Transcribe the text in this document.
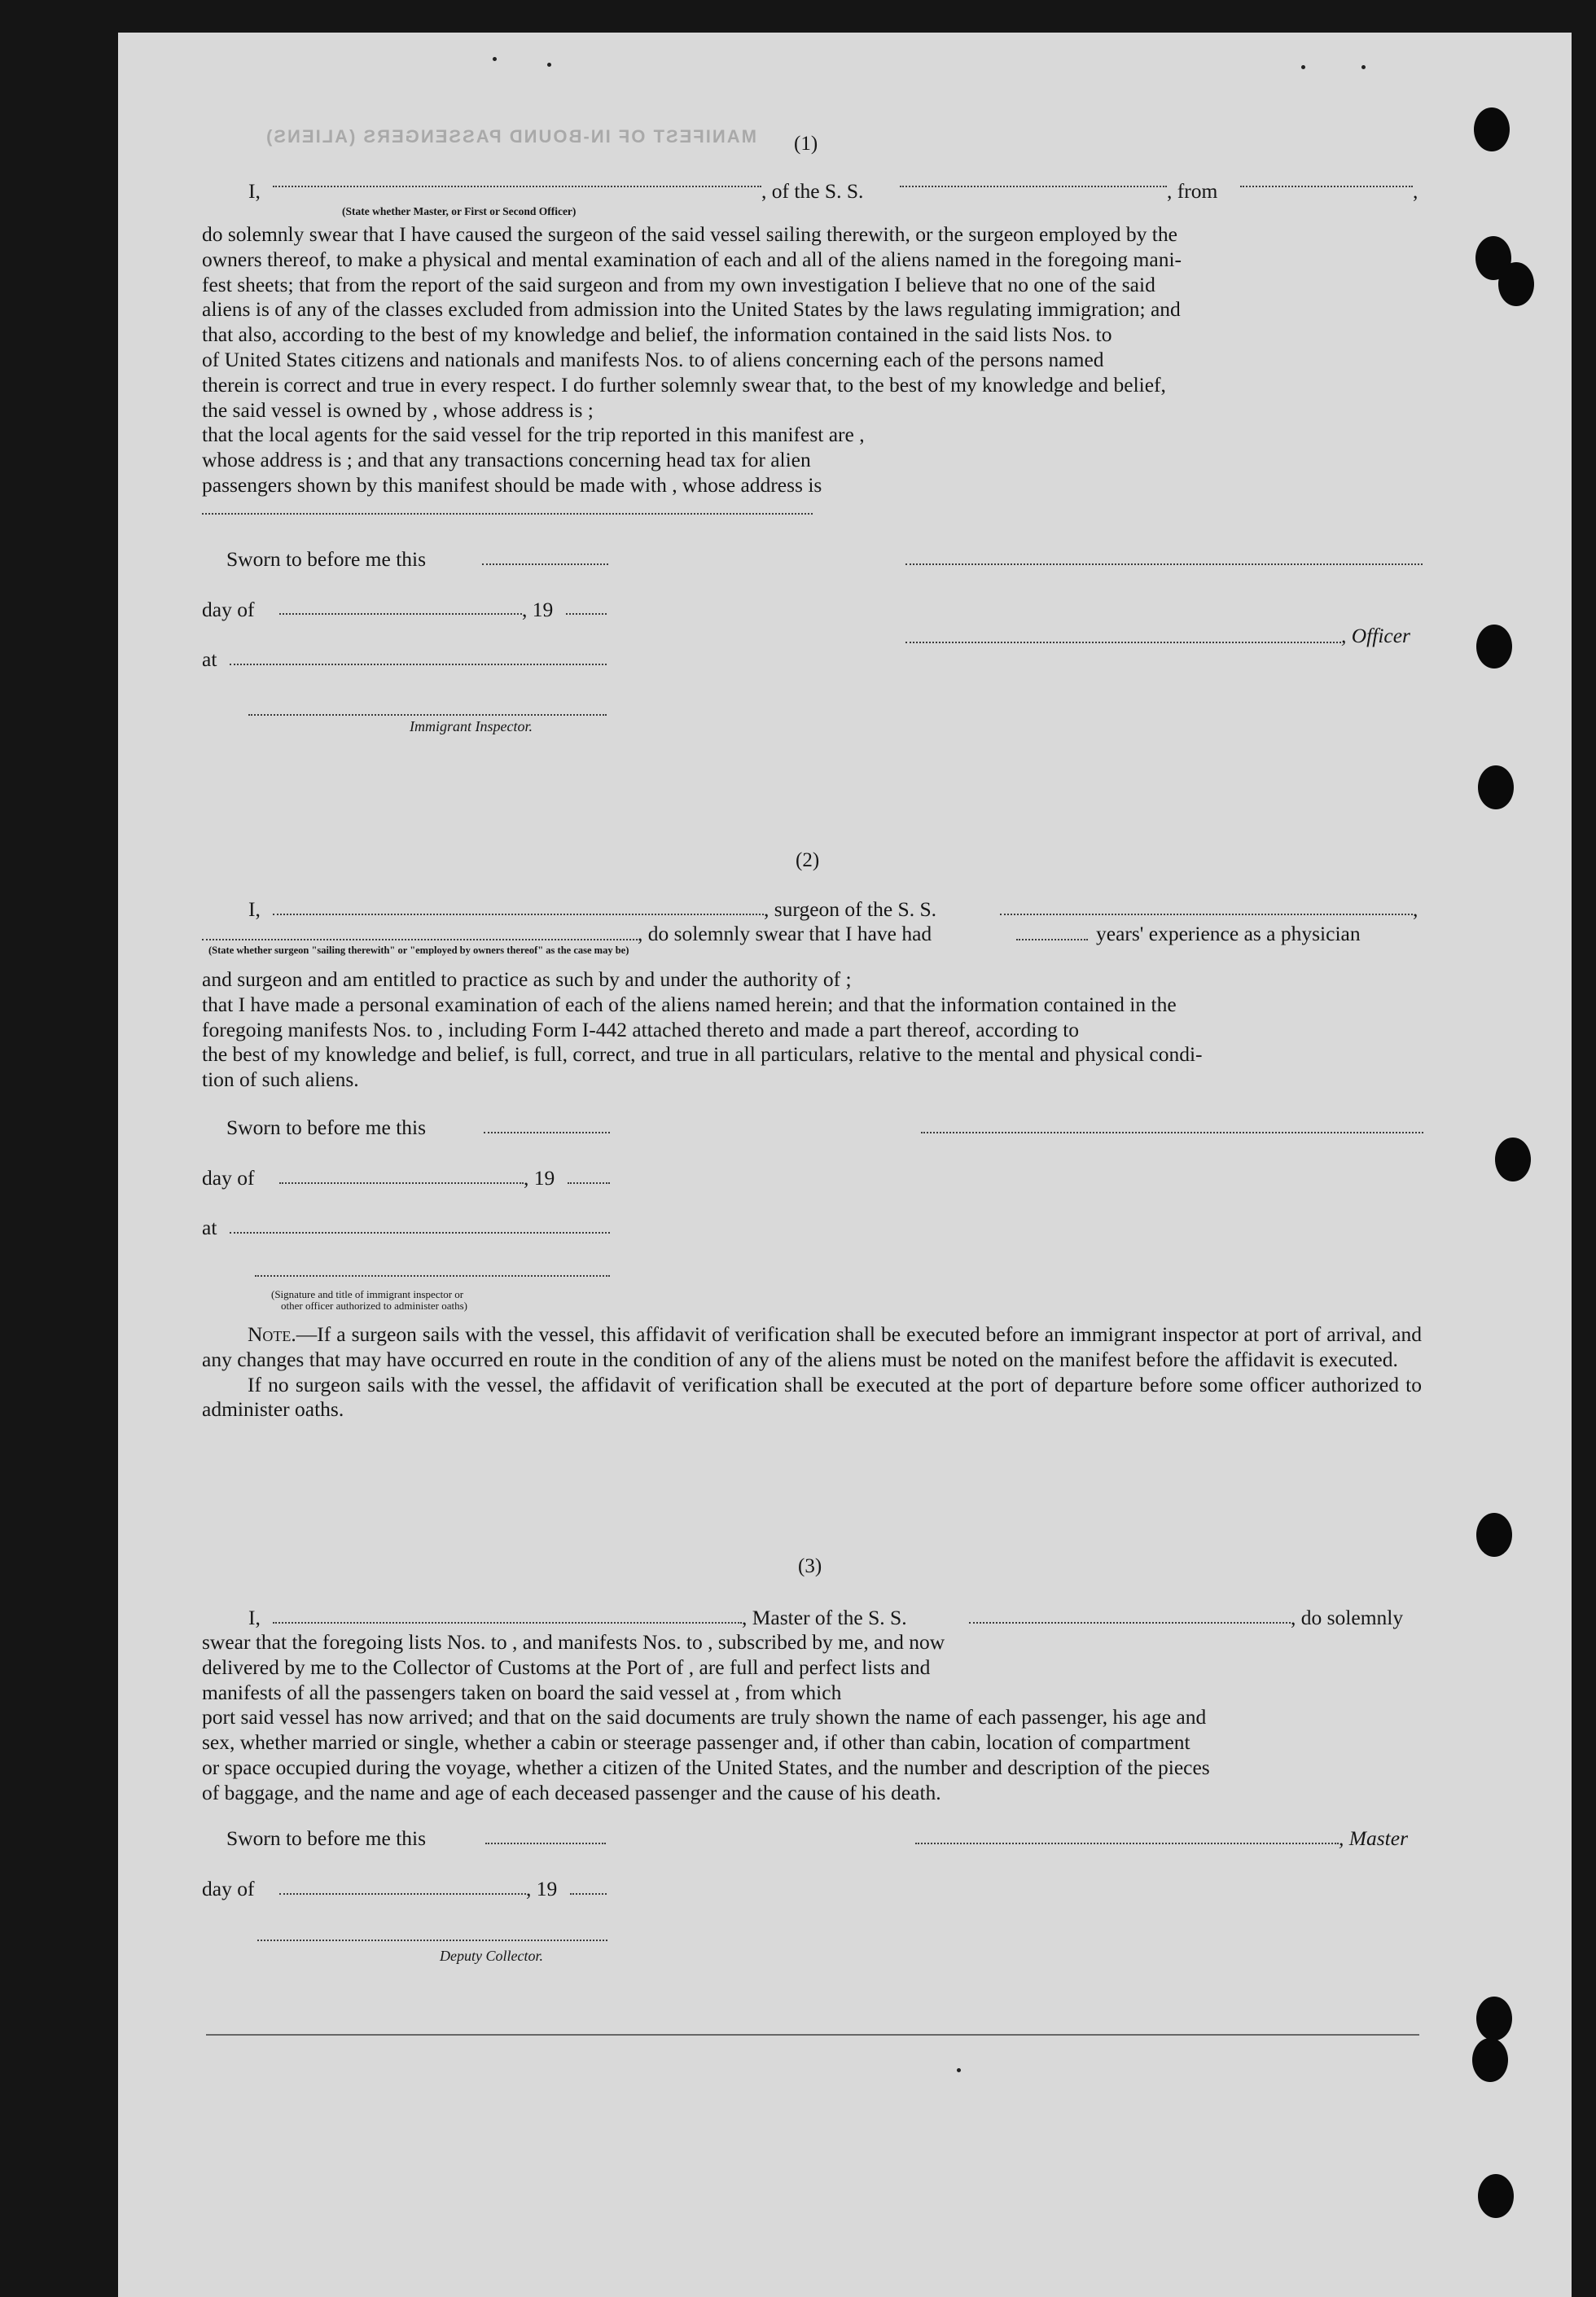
MANIFEST OF IN-BOUND PASSENGERS (ALIENS) (1)
I,	, of the S. S.	, from	,
(State whether Master, or First or Second Officer)

do solemnly swear that I have caused the surgeon of the said vessel sailing therewith, or the surgeon employed by the

owners thereof, to make a physical and mental examination of each and all of the aliens named in the foregoing mani-

fest sheets; that from the report of the said surgeon and from my own investigation I believe that no one of the said

aliens is of any of the classes excluded from admission into the United States by the laws regulating immigration; and

that also, according to the best of my knowledge and belief, the information contained in the said lists Nos. to

of United States citizens and nationals and manifests Nos. to of aliens concerning each of the persons named

therein is correct and true in every respect. I do further solemnly swear that, to the best of my knowledge and belief,

the said vessel is owned by , whose address is ;

that the local agents for the said vessel for the trip reported in this manifest are ,

whose address is ; and that any transactions concerning head tax for alien

passengers shown by this manifest should be made with , whose address is

Sworn to before me this
day of	, 19
, Officer
at
Immigrant Inspector.
(2)
I,	, surgeon of the S. S.	,
, do solemnly swear that I have had	years' experience as a physician
(State whether surgeon "sailing therewith" or "employed by owners thereof" as the case may be)

and surgeon and am entitled to practice as such by and under the authority of ;

that I have made a personal examination of each of the aliens named herein; and that the information contained in the

foregoing manifests Nos. to , including Form I-442 attached thereto and made a part thereof, according to

the best of my knowledge and belief, is full, correct, and true in all particulars, relative to the mental and physical condi-

tion of such aliens.

Sworn to before me this
day of	, 19
at
(Signature and title of immigrant inspector or
other officer authorized to administer oaths)

Note.—If a surgeon sails with the vessel, this affidavit of verification shall be executed before an immigrant inspector at port of arrival, and any changes that may have occurred en route in the condition of any of the aliens must be noted on the manifest before the affidavit is executed.

If no surgeon sails with the vessel, the affidavit of verification shall be executed at the port of departure before some officer authorized to administer oaths.

(3)
I,	, Master of the S. S.	, do solemnly

swear that the foregoing lists Nos. to , and manifests Nos. to , subscribed by me, and now

delivered by me to the Collector of Customs at the Port of , are full and perfect lists and

manifests of all the passengers taken on board the said vessel at , from which

port said vessel has now arrived; and that on the said documents are truly shown the name of each passenger, his age and

sex, whether married or single, whether a cabin or steerage passenger and, if other than cabin, location of compartment

or space occupied during the voyage, whether a citizen of the United States, and the number and description of the pieces

of baggage, and the name and age of each deceased passenger and the cause of his death.

Sworn to before me this	, Master
day of	, 19
Deputy Collector.
